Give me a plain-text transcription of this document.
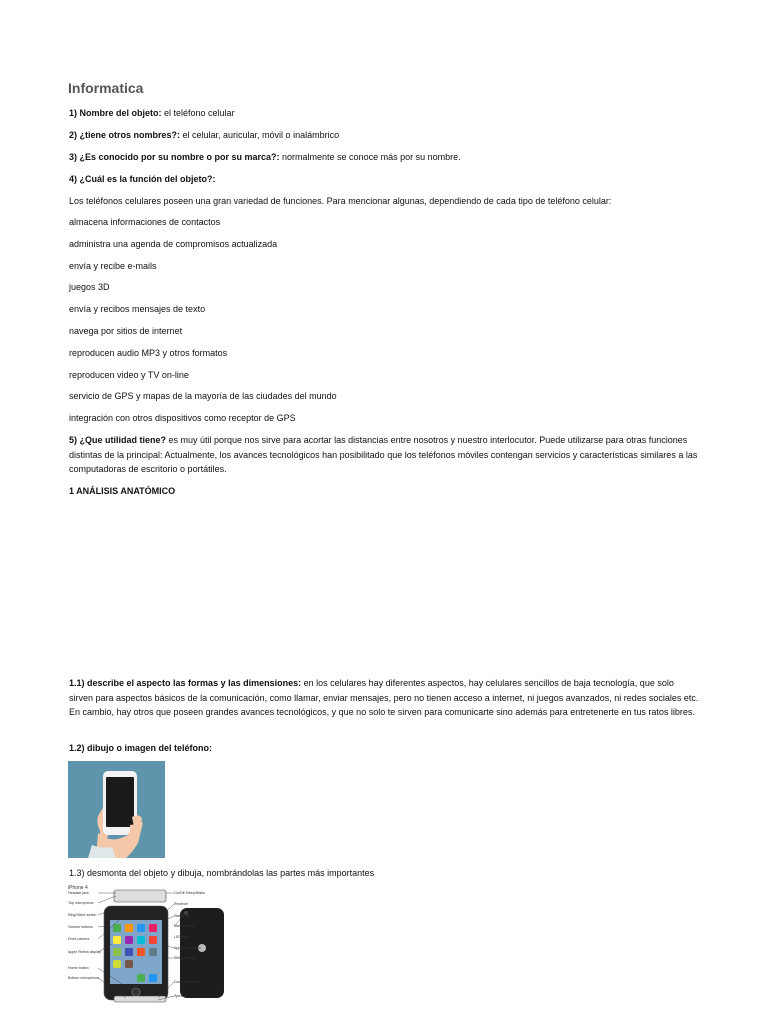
Informatica
1) Nombre del objeto: el teléfono celular
2) ¿tiene otros nombres?: el celular, auricular, móvil o inalámbrico
3) ¿Es conocido por su nombre o por su marca?: normalmente se conoce más por su nombre.
4) ¿Cuál es la función del objeto?:
Los teléfonos celulares poseen una gran variedad de funciones. Para mencionar algunas, dependiendo de cada tipo de teléfono celular:
almacena informaciones de contactos
administra una agenda de compromisos actualizada
envía y recibe e-mails
juegos 3D
envía y recibos mensajes de texto
navega por sitios de internet
reproducen audio MP3 y otros formatos
reproducen video y TV on-line
servicio de GPS y mapas de la mayoría de las ciudades del mundo
integración con otros dispositivos como receptor de GPS
5) ¿Que utilidad tiene? es muy útil porque nos sirve para acortar las distancias entre nosotros y nuestro interlocutor. Puede utilizarse para otras funciones distintas de la principal: Actualmente, los avances tecnológicos han posibilitado que los teléfonos móviles contengan servicios y características similares a las computadoras de escritorio o portátiles.
1 ANÁLISIS ANATÓMICO
1.1) describe el aspecto las formas y las dimensiones: en los celulares hay diferentes aspectos, hay celulares sencillos de baja tecnología, que solo sirven para aspectos básicos de la comunicación, como llamar, enviar mensajes, pero no tienen acceso a internet, ni juegos avanzados, ni redes sociales etc. En cambio, hay otros que poseen grandes avances tecnológicos, y que no solo te sirven para comunicarte sino además para entretenerte en tus ratos libres.
1.2) dibujo o imagen del teléfono:
1.3) desmonta del objeto y dibuja, nombrándolas las partes más importantes
iPhone 4
Headset jack
Top microphone
Ring/Silent switch
Volume buttons
Front camera
Apple Retina display
Home button
Bottom microphone
On/Off Sleep/Wake
Receiver
Status bar
Main camera
LED flash
Application icons
SIM card tray
Dock connector
Speaker
